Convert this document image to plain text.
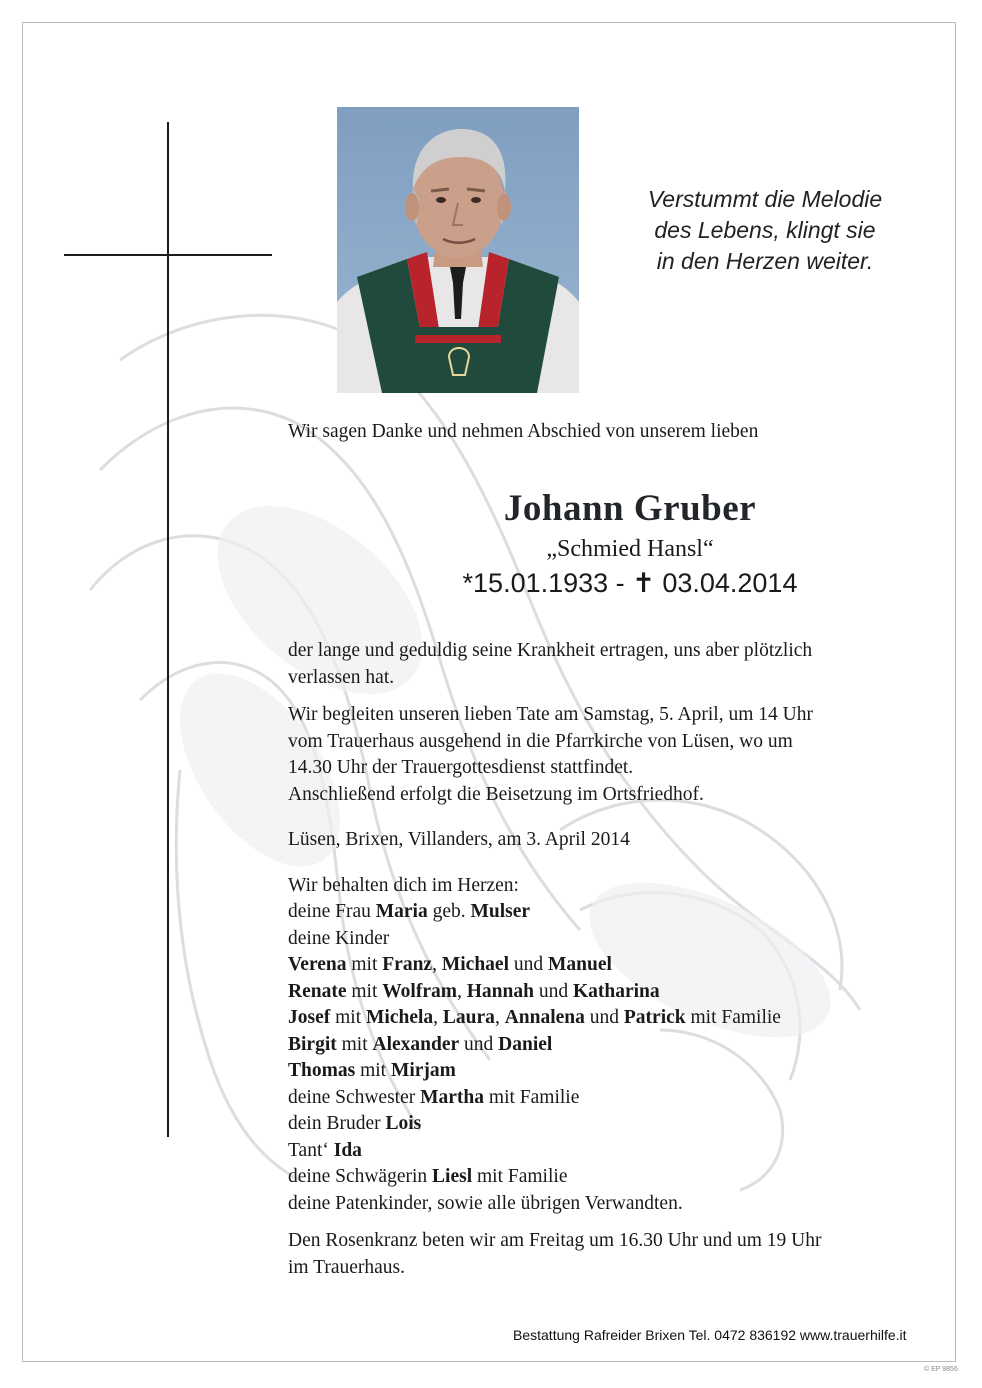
Verstummt die Melodie
des Lebens, klingt sie
in den Herzen weiter.
Wir sagen Danke und nehmen Abschied von unserem lieben
Johann Gruber
„Schmied Hansl“
*15.01.1933 - ✝ 03.04.2014

der lange und geduldig seine Krankheit ertragen, uns aber plötzlich

verlassen hat.

Wir begleiten unseren lieben Tate am Samstag, 5. April, um 14 Uhr

vom Trauerhaus ausgehend in die Pfarrkirche von Lüsen, wo um

14.30 Uhr der Trauergottesdienst stattfindet.

Anschließend erfolgt die Beisetzung im Ortsfriedhof.

Lüsen, Brixen, Villanders, am 3. April 2014

Wir behalten dich im Herzen:

deine Frau Maria geb. Mulser

deine Kinder

Verena mit Franz, Michael und Manuel

Renate mit Wolfram, Hannah und Katharina

Josef mit Michela, Laura, Annalena und Patrick mit Familie

Birgit mit Alexander und Daniel

Thomas mit Mirjam

deine Schwester Martha mit Familie

dein Bruder Lois

Tant‘ Ida

deine Schwägerin Liesl mit Familie

deine Patenkinder, sowie alle übrigen Verwandten.

Den Rosenkranz beten wir am Freitag um 16.30 Uhr und um 19 Uhr

im Trauerhaus.

Bestattung Rafreider Brixen Tel. 0472 836192 www.trauerhilfe.it
© EP 9856
